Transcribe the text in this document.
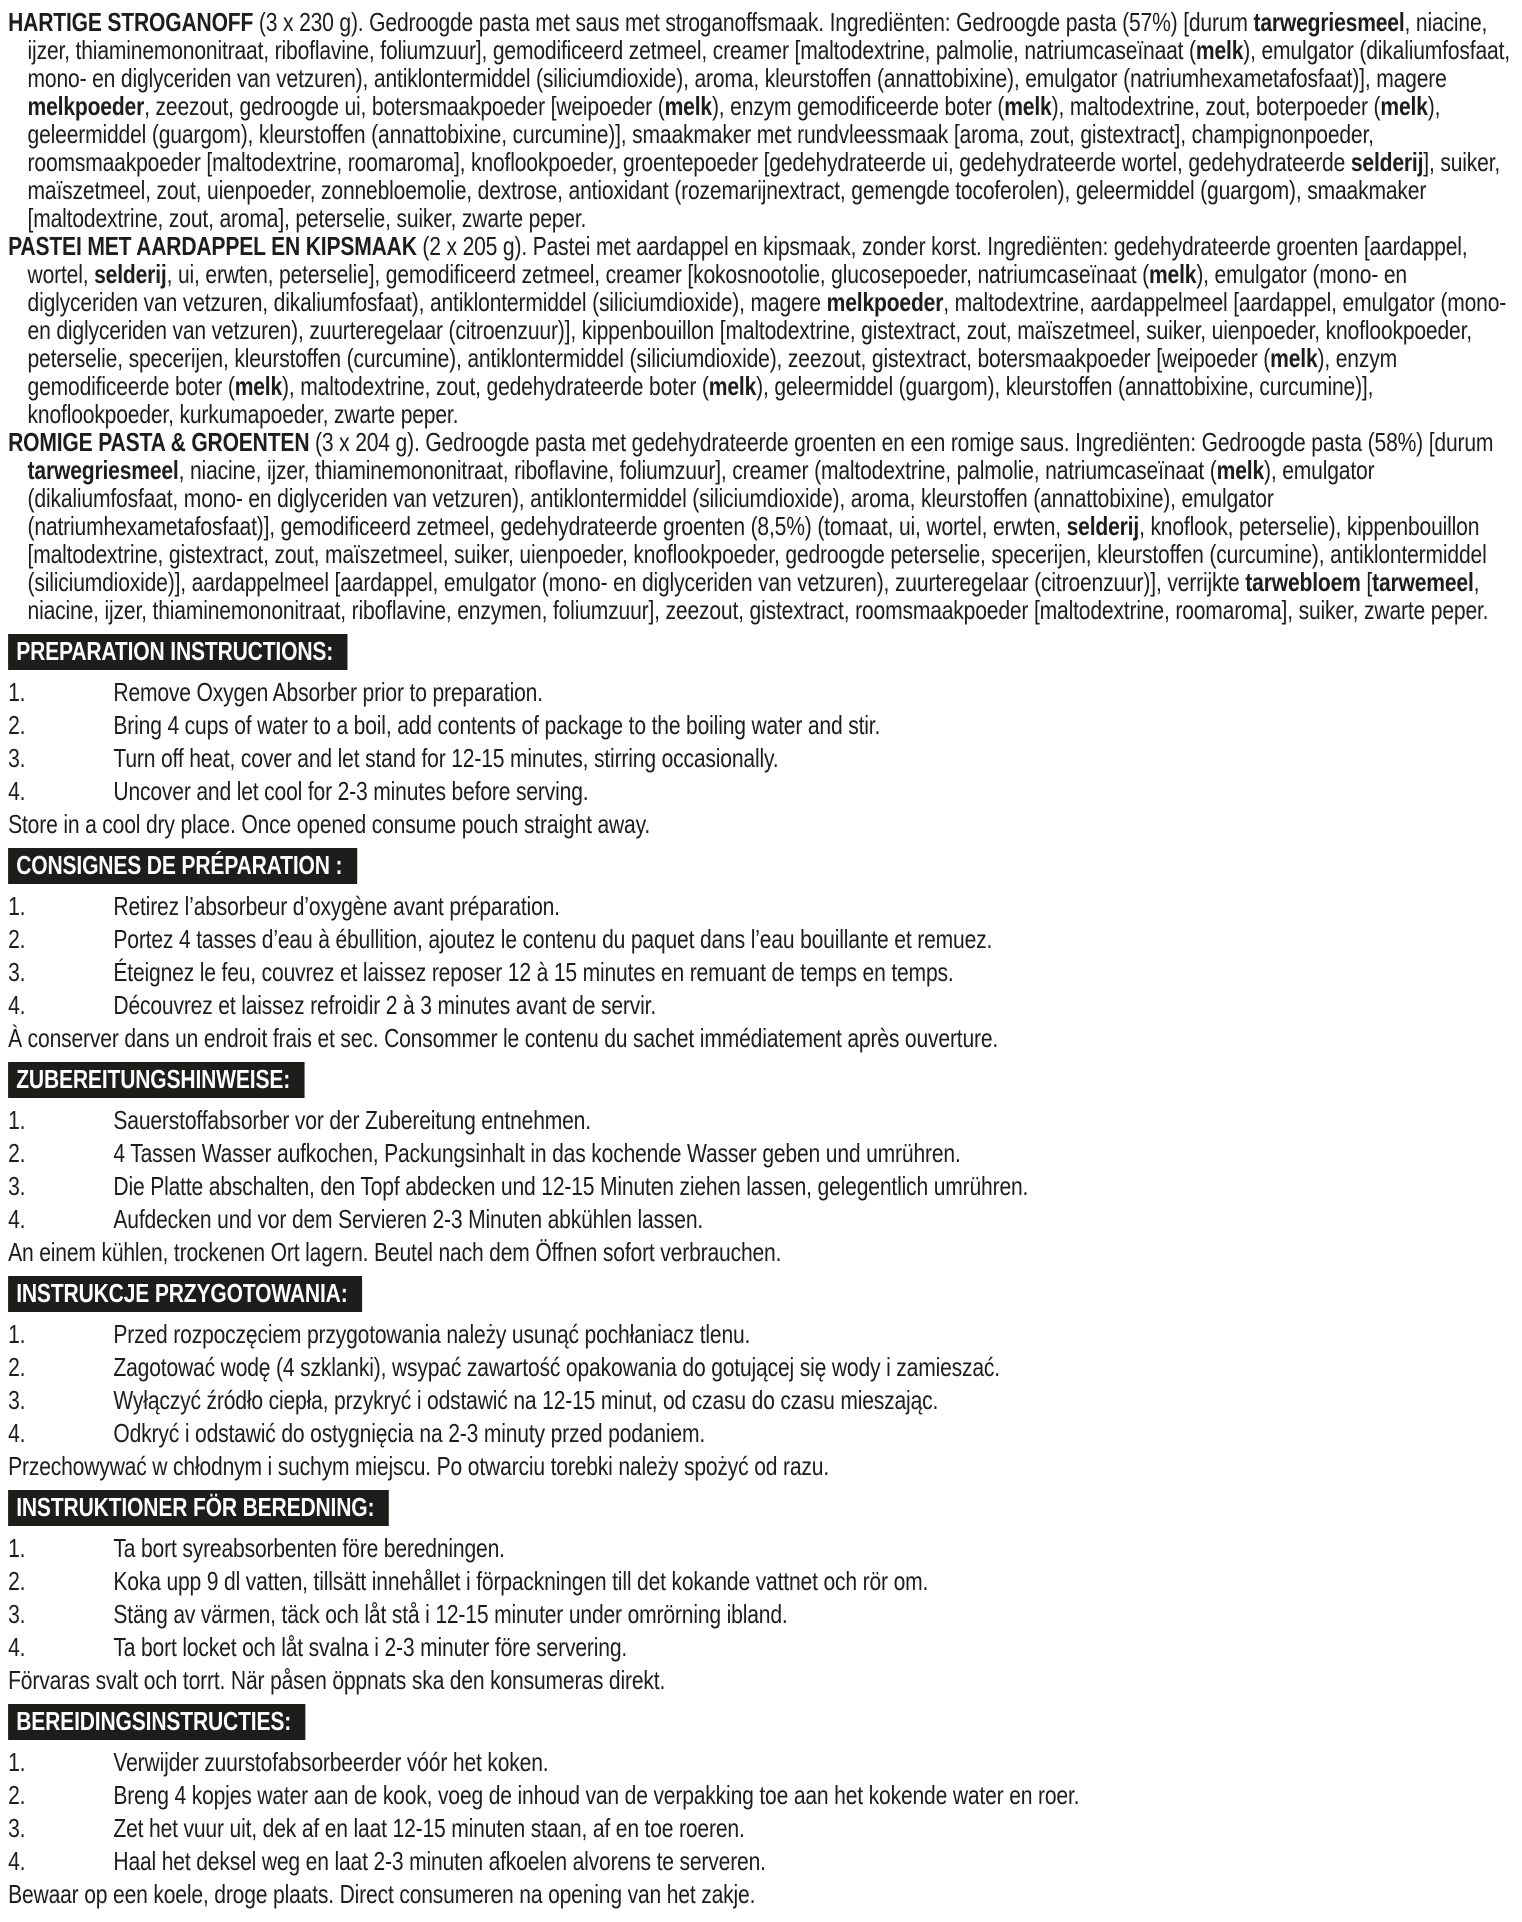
HARTIGE STROGANOFF (3 x 230 g). Gedroogde pasta met saus met stroganoffsmaak. Ingrediënten: Gedroogde pasta (57%) [durum tarwegriesmeel, niacine, ijzer, thiaminemononitraat, riboflavine, foliumzuur], gemodificeerd zetmeel, creamer [maltodextrine, palmolie, natriumcaseïnaat (melk), emulgator (dikaliumfosfaat, mono- en diglyceriden van vetzuren), antiklontermiddel (siliciumdioxide), aroma, kleurstoffen (annattobixine), emulgator (natriumhexametafosfaat)], magere melkpoeder, zeezout, gedroogde ui, botersmaakpoeder [weipoeder (melk), enzym gemodificeerde boter (melk), maltodextrine, zout, boterpoeder (melk), geleermiddel (guargom), kleurstoffen (annattobixine, curcumine)], smaakmaker met rundvleessmaak [aroma, zout, gistextract], champignonpoeder, roomsmaakpoeder [maltodextrine, roomaroma], knoflookpoeder, groentepoeder [gedehydrateerde ui, gedehydrateerde wortel, gedehydrateerde selderij], suiker, maïszetmeel, zout, uienpoeder, zonnebloemolie, dextrose, antioxidant (rozemarijnextract, gemengde tocoferolen), geleermiddel (guargom), smaakmaker [maltodextrine, zout, aroma], peterselie, suiker, zwarte peper.

PASTEI MET AARDAPPEL EN KIPSMAAK (2 x 205 g). Pastei met aardappel en kipsmaak, zonder korst. Ingrediënten: gedehydrateerde groenten [aardappel, wortel, selderij, ui, erwten, peterselie], gemodificeerd zetmeel, creamer [kokosnootolie, glucosepoeder, natriumcaseïnaat (melk), emulgator (mono- en diglyceriden van vetzuren, dikaliumfosfaat), antiklontermiddel (siliciumdioxide), magere melkpoeder, maltodextrine, aardappelmeel [aardappel, emulgator (mono- en diglyceriden van vetzuren), zuurteregelaar (citroenzuur)], kippenbouillon [maltodextrine, gistextract, zout, maïszetmeel, suiker, uienpoeder, knoflookpoeder, peterselie, specerijen, kleurstoffen (curcumine), antiklontermiddel (siliciumdioxide), zeezout, gistextract, botersmaakpoeder [weipoeder (melk), enzym gemodificeerde boter (melk), maltodextrine, zout, gedehydrateerde boter (melk), geleermiddel (guargom), kleurstoffen (annattobixine, curcumine)], knoflookpoeder, kurkumapoeder, zwarte peper.

ROMIGE PASTA & GROENTEN (3 x 204 g). Gedroogde pasta met gedehydrateerde groenten en een romige saus. Ingrediënten: Gedroogde pasta (58%) [durum tarwegriesmeel, niacine, ijzer, thiaminemononitraat, riboflavine, foliumzuur], creamer (maltodextrine, palmolie, natriumcaseïnaat (melk), emulgator (dikaliumfosfaat, mono- en diglyceriden van vetzuren), antiklontermiddel (siliciumdioxide), aroma, kleurstoffen (annattobixine), emulgator (natriumhexametafosfaat)], gemodificeerd zetmeel, gedehydrateerde groenten (8,5%) (tomaat, ui, wortel, erwten, selderij, knoflook, peterselie), kippenbouillon [maltodextrine, gistextract, zout, maïszetmeel, suiker, uienpoeder, knoflookpoeder, gedroogde peterselie, specerijen, kleurstoffen (curcumine), antiklontermiddel (siliciumdioxide)], aardappelmeel [aardappel, emulgator (mono- en diglyceriden van vetzuren), zuurteregelaar (citroenzuur)], verrijkte tarwebloem [tarwemeel, niacine, ijzer, thiaminemononitraat, riboflavine, enzymen, foliumzuur], zeezout, gistextract, roomsmaakpoeder [maltodextrine, roomaroma], suiker, zwarte peper.

PREPARATION INSTRUCTIONS:
1.	Remove Oxygen Absorber prior to preparation.
2.	Bring 4 cups of water to a boil, add contents of package to the boiling water and stir.
3.	Turn off heat, cover and let stand for 12-15 minutes, stirring occasionally.
4.	Uncover and let cool for 2-3 minutes before serving.

Store in a cool dry place. Once opened consume pouch straight away.

CONSIGNES DE PRÉPARATION :
1.	Retirez l’absorbeur d’oxygène avant préparation.
2.	Portez 4 tasses d’eau à ébullition, ajoutez le contenu du paquet dans l’eau bouillante et remuez.
3.	Éteignez le feu, couvrez et laissez reposer 12 à 15 minutes en remuant de temps en temps.
4.	Découvrez et laissez refroidir 2 à 3 minutes avant de servir.

À conserver dans un endroit frais et sec. Consommer le contenu du sachet immédiatement après ouverture.

ZUBEREITUNGSHINWEISE:
1.	Sauerstoffabsorber vor der Zubereitung entnehmen.
2.	4 Tassen Wasser aufkochen, Packungsinhalt in das kochende Wasser geben und umrühren.
3.	Die Platte abschalten, den Topf abdecken und 12-15 Minuten ziehen lassen, gelegentlich umrühren.
4.	Aufdecken und vor dem Servieren 2-3 Minuten abkühlen lassen.

An einem kühlen, trockenen Ort lagern. Beutel nach dem Öffnen sofort verbrauchen.

INSTRUKCJE PRZYGOTOWANIA:
1.	Przed rozpoczęciem przygotowania należy usunąć pochłaniacz tlenu.
2.	Zagotować wodę (4 szklanki), wsypać zawartość opakowania do gotującej się wody i zamieszać.
3.	Wyłączyć źródło ciepła, przykryć i odstawić na 12-15 minut, od czasu do czasu mieszając.
4.	Odkryć i odstawić do ostygnięcia na 2-3 minuty przed podaniem.

Przechowywać w chłodnym i suchym miejscu. Po otwarciu torebki należy spożyć od razu.

INSTRUKTIONER FÖR BEREDNING:
1.	Ta bort syreabsorbenten före beredningen.
2.	Koka upp 9 dl vatten, tillsätt innehållet i förpackningen till det kokande vattnet och rör om.
3.	Stäng av värmen, täck och låt stå i 12-15 minuter under omrörning ibland.
4.	Ta bort locket och låt svalna i 2-3 minuter före servering.

Förvaras svalt och torrt. När påsen öppnats ska den konsumeras direkt.

BEREIDINGSINSTRUCTIES:
1.	Verwijder zuurstofabsorbeerder vóór het koken.
2.	Breng 4 kopjes water aan de kook, voeg de inhoud van de verpakking toe aan het kokende water en roer.
3.	Zet het vuur uit, dek af en laat 12-15 minuten staan, af en toe roeren.
4.	Haal het deksel weg en laat 2-3 minuten afkoelen alvorens te serveren.

Bewaar op een koele, droge plaats. Direct consumeren na opening van het zakje.
